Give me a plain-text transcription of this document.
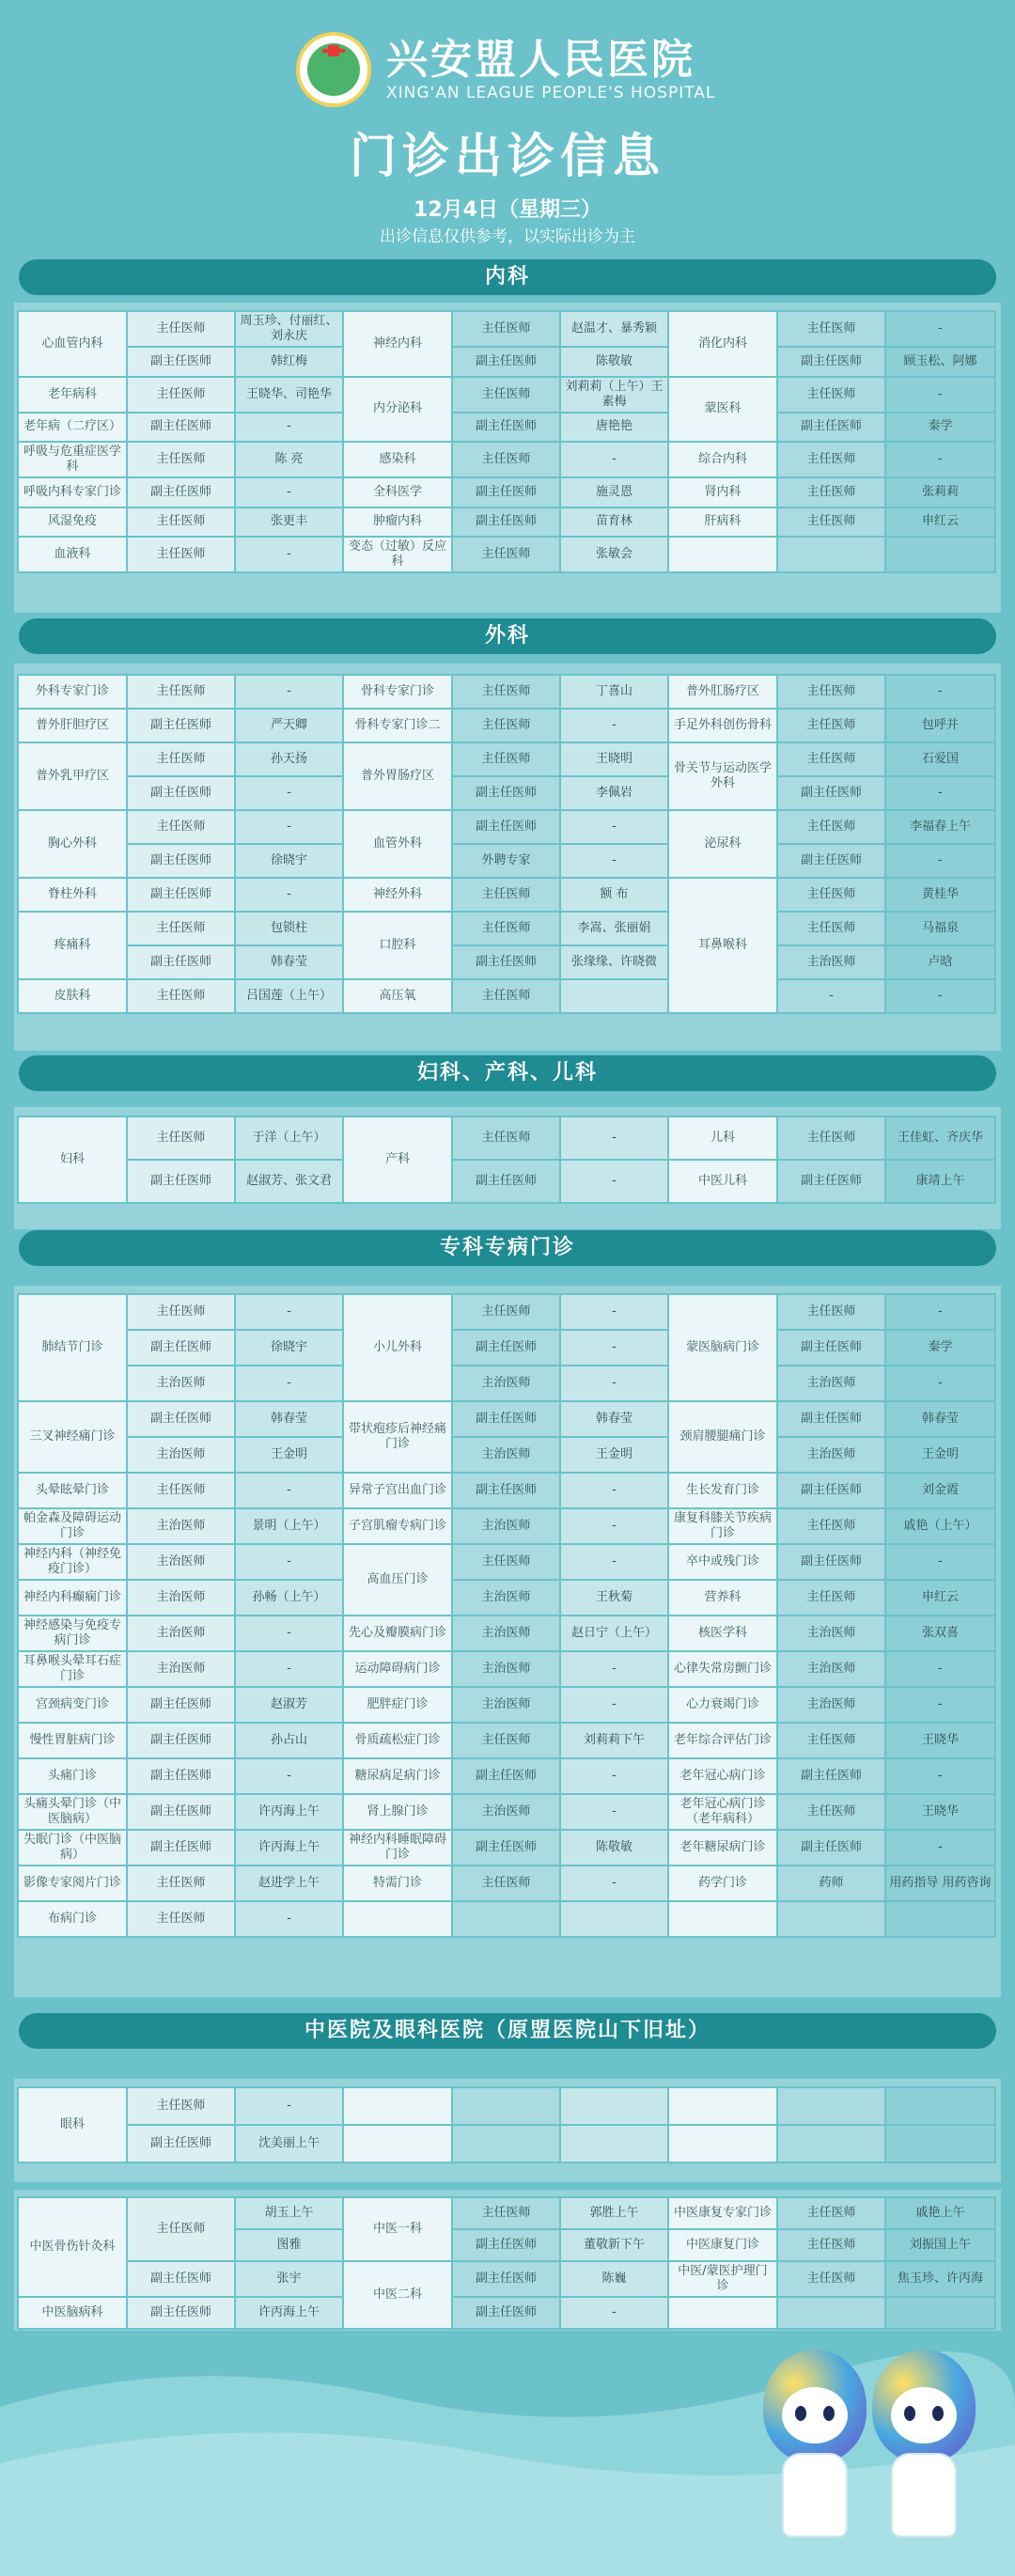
兴安盟人民医院
XING'AN LEAGUE PEOPLE'S HOSPITAL
门诊出诊信息
12月4日（星期三）
出诊信息仅供参考，以实际出诊为主
内科
心血管内科	主任医师	周玉珍、付丽红、刘永庆	神经内科	主任医师	赵温才、暴秀颖	消化内科	主任医师	-
	副主任医师	韩红梅		副主任医师	陈敬敏		副主任医师	顾玉松、阿娜
老年病科	主任医师	王晓华、司艳华	内分泌科	主任医师	刘莉莉（上午）王素梅	蒙医科	主任医师	-
老年病（二疗区）	副主任医师	-		副主任医师	唐艳艳		副主任医师	秦学
呼吸与危重症医学科	主任医师	陈 亮	感染科	主任医师	-	综合内科	主任医师	-
呼吸内科专家门诊	副主任医师	-	全科医学	副主任医师	施灵恩	肾内科	主任医师	张莉莉
风湿免疫	主任医师	张更丰	肿瘤内科	副主任医师	苗育林	肝病科	主任医师	申红云
血液科	主任医师	-	变态（过敏）反应科	主任医师	张敏会			
外科
外科专家门诊	主任医师	-	骨科专家门诊	主任医师	丁喜山	普外肛肠疗区	主任医师	-
普外肝胆疗区	副主任医师	严天卿	骨科专家门诊二	主任医师	-	手足外科创伤骨科	主任医师	包呼并
普外乳甲疗区	主任医师	孙天扬	普外胃肠疗区	主任医师	王晓明	骨关节与运动医学外科	主任医师	石爱国
	副主任医师	-		副主任医师	李佩岩		副主任医师	-
胸心外科	主任医师	-	血管外科	副主任医师	-	泌尿科	主任医师	李福春上午
	副主任医师	徐晓宇		外聘专家	-		副主任医师	-
脊柱外科	副主任医师	-	神经外科	主任医师	额 布	耳鼻喉科	主任医师	黄桂华
疼痛科	主任医师	包锁柱	口腔科	主任医师	李嵩、张丽娟		主任医师	马福泉
	副主任医师	韩春莹		副主任医师	张缘缘、许晓微		主治医师	卢晗
皮肤科	主任医师	吕国莲（上午）	高压氧	主任医师			-	-
妇科、产科、儿科
妇科	主任医师	于洋（上午）	产科	主任医师	-	儿科	主任医师	王佳虹、齐庆华
	副主任医师	赵淑芳、张文君		副主任医师	-	中医儿科	副主任医师	康靖上午
专科专病门诊
肺结节门诊	主任医师	-	小儿外科	主任医师	-	蒙医脑病门诊	主任医师	-
	副主任医师	徐晓宇		副主任医师	-		副主任医师	秦学
	主治医师	-		主治医师	-		主治医师	-
三叉神经痛门诊	副主任医师	韩春莹	带状疱疹后神经痛门诊	副主任医师	韩春莹	颈肩腰腿痛门诊	副主任医师	韩春莹
	主治医师	王金明		主治医师	王金明		主治医师	王金明
头晕眩晕门诊	主任医师	-	异常子宫出血门诊	副主任医师	-	生长发育门诊	副主任医师	刘金霞
帕金森及障碍运动门诊	主治医师	景明（上午）	子宫肌瘤专病门诊	主治医师	-	康复科膝关节疾病门诊	主任医师	戚艳（上午）
神经内科（神经免疫门诊）	主治医师	-	高血压门诊	主任医师	-	卒中或残门诊	副主任医师	-
神经内科癫痫门诊	主治医师	孙畅（上午）		主治医师	王秋菊	营养科	主任医师	申红云
神经感染与免疫专病门诊	主治医师	-	先心及瓣膜病门诊	主治医师	赵日宁（上午）	核医学科	主治医师	张双喜
耳鼻喉头晕耳石症门诊	主治医师	-	运动障碍病门诊	主治医师	-	心律失常房颤门诊	主治医师	-
宫颈病变门诊	副主任医师	赵淑芳	肥胖症门诊	主治医师	-	心力衰竭门诊	主治医师	-
慢性胃脏病门诊	副主任医师	孙占山	骨质疏松症门诊	主任医师	刘莉莉下午	老年综合评估门诊	主任医师	王晓华
头痛门诊	副主任医师	-	糖尿病足病门诊	副主任医师	-	老年冠心病门诊	副主任医师	-
头痛头晕门诊（中医脑病）	副主任医师	许丙海上午	肾上腺门诊	主治医师	-	老年冠心病门诊（老年病科）	主任医师	王晓华
失眠门诊（中医脑病）	副主任医师	许丙海上午	神经内科睡眠障碍门诊	副主任医师	陈敬敏	老年糖尿病门诊	副主任医师	-
影像专家阅片门诊	主任医师	赵进学上午	特需门诊	主任医师	-	药学门诊	药师	用药指导 用药咨询
布病门诊	主任医师	-						
中医院及眼科医院（原盟医院山下旧址）
眼科	主任医师	-						
	副主任医师	沈美丽上午						
中医骨伤针灸科	主任医师	胡玉上午	中医一科	主任医师	郭胜上午	中医康复专家门诊	主任医师	戚艳上午
		图雅		副主任医师	董敬新下午	中医康复门诊	主任医师	刘振国上午
	副主任医师	张宇	中医二科	副主任医师	陈巍	中医/蒙医护理门诊	主任医师	焦玉珍、许丙海
中医脑病科	副主任医师	许丙海上午		副主任医师	-			
